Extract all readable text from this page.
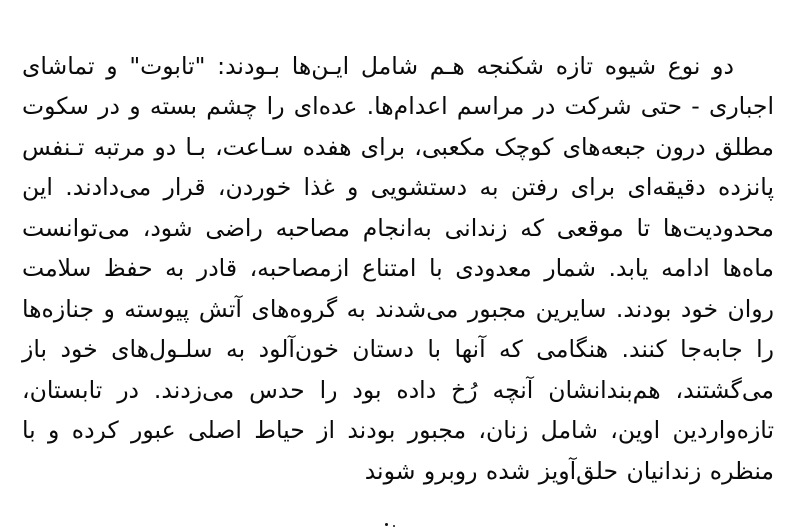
دو نوع شیوه تازه شکنجه هـم شامل ایـن‌ها بـودند: "تابوت" و تماشای اجباری - حتی شرکت در مراسم اعدام‌ها. عده‌ای را چشم بسته و در سکوت مطلق درون جبعه‌های کوچک مکعبی، برای هفده سـاعت، بـا دو مرتبه تـنفس پانزده دقیقه‌ای برای رفتن به دستشویی و غذا خوردن، قرار می‌دادند. این محدودیت‌ها تا موقعی که زندانی به‌انجام مصاحبه راضی شود، می‌توانست ماه‌ها ادامه یابد. شمار معدودی با امتناع ازمصاحبه، قادر به حفظ سلامت روان خود بودند. سایرین مجبور می‌شدند به گروه‌های آتش پیوسته و جنازه‌ها را جابه‌جا کنند. هنگامی که آنها با دستان خون‌آلود به سلـول‌های خود باز می‌گشتند، هم‌بندانشان آنچه رُخ داده بود را حدس می‌زدند. در تابستان، تازه‌واردین اوین، شامل زنان، مجبور بودند از حیاط اصلی عبور کرده و با منظره زندانیان حلق‌آویز شده روبرو شوند
